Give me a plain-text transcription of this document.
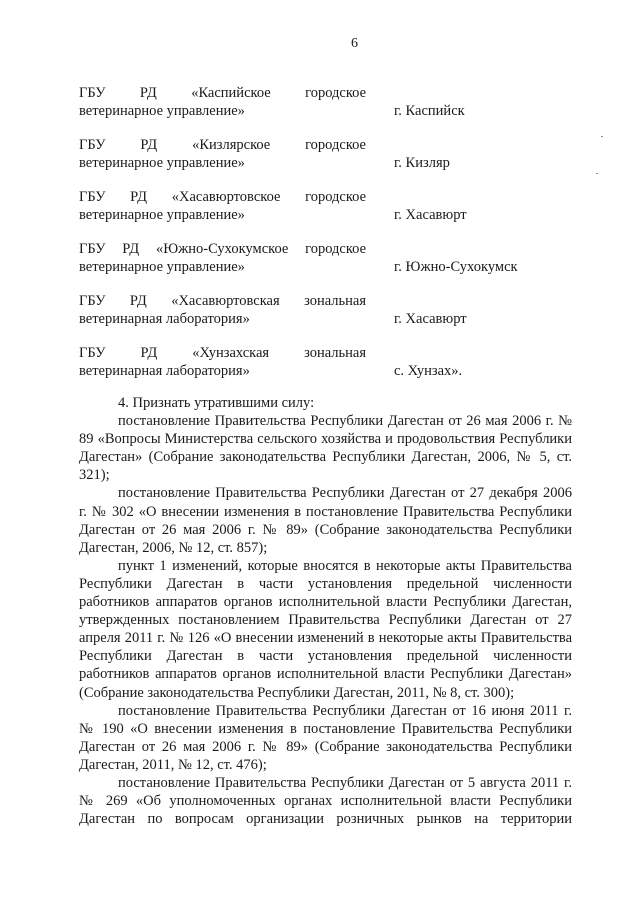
6
ГБУ РД «Каспийское городское
ветеринарное управление»	г. Каспийск
ГБУ РД «Кизлярское городское
ветеринарное управление»	г. Кизляр
ГБУ РД «Хасавюртовское городское
ветеринарное управление»	г. Хасавюрт
ГБУ РД «Южно-Сухокумское городское
ветеринарное управление»	г. Южно-Сухокумск
ГБУ РД «Хасавюртовская зональная
ветеринарная лаборатория»	г. Хасавюрт
ГБУ РД «Хунзахская зональная
ветеринарная лаборатория»	с. Хунзах».

4. Признать утратившими силу:

постановление Правительства Республики Дагестан от 26 мая 2006 г. № 89 «Вопросы Министерства сельского хозяйства и продовольствия Республики Дагестан» (Собрание законодательства Республики Дагестан, 2006, № 5, ст. 321);

постановление Правительства Республики Дагестан от 27 декабря 2006 г. № 302 «О внесении изменения в постановление Правительства Республики Дагестан от 26 мая 2006 г. № 89» (Собрание законодательства Республики Дагестан, 2006, № 12, ст. 857);

пункт 1 изменений, которые вносятся в некоторые акты Правительства Республики Дагестан в части установления предельной численности работников аппаратов органов исполнительной власти Республики Дагестан, утвержденных постановлением Правительства Республики Дагестан от 27 апреля 2011 г. № 126 «О внесении изменений в некоторые акты Правительства Республики Дагестан в части установления предельной численности работников аппаратов органов исполнительной власти Республики Дагестан» (Собрание законодательства Республики Дагестан, 2011, № 8, ст. 300);

постановление Правительства Республики Дагестан от 16 июня 2011 г. № 190 «О внесении изменения в постановление Правительства Республики Дагестан от 26 мая 2006 г. № 89» (Собрание законодательства Республики Дагестан, 2011, № 12, ст. 476);

постановление Правительства Республики Дагестан от 5 августа 2011 г. № 269 «Об уполномоченных органах исполнительной власти Республики Дагестан по вопросам организации розничных рынков на территории
